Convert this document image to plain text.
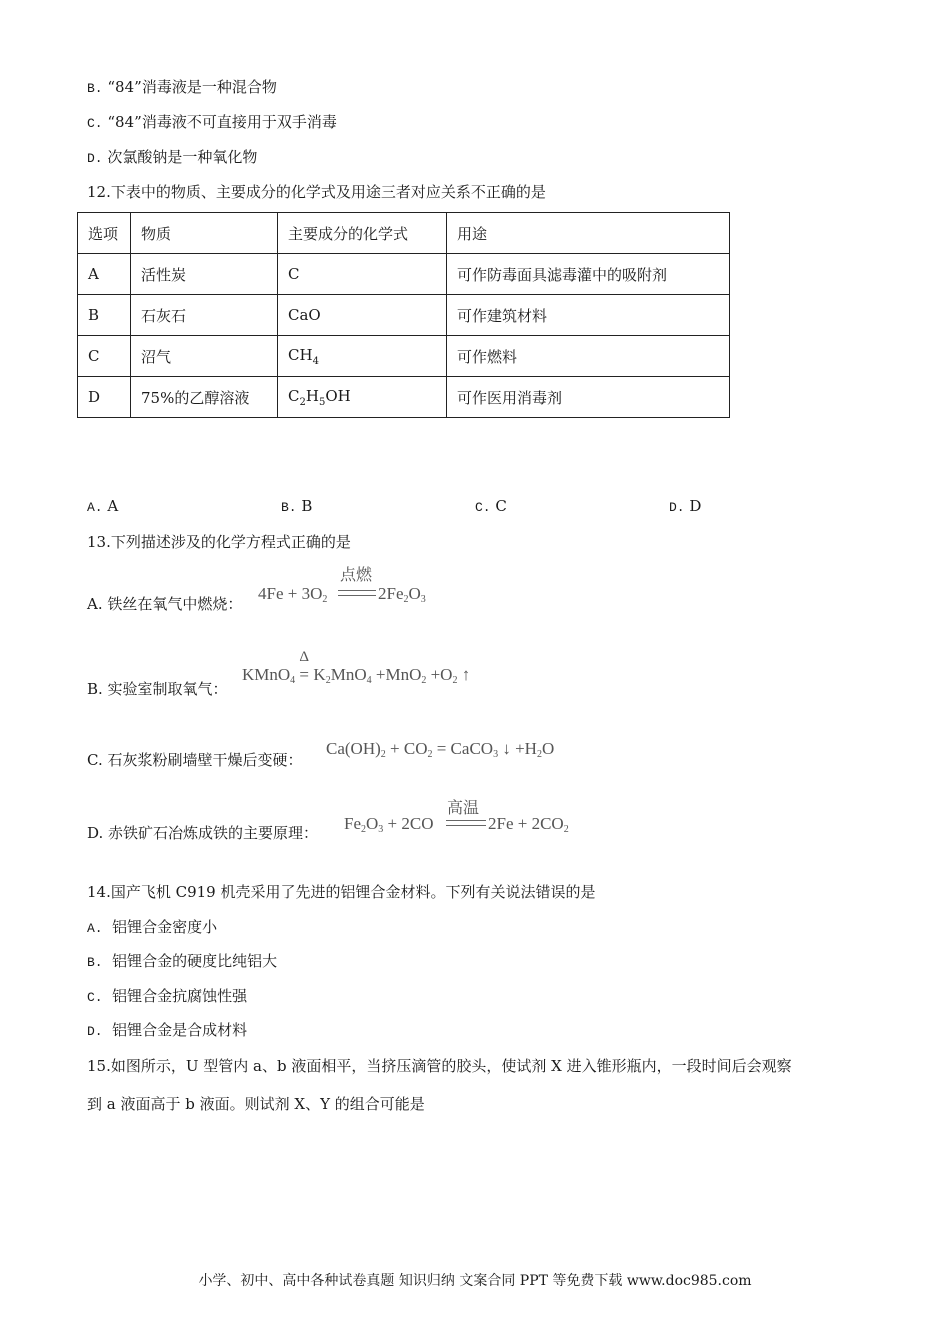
B. “84”消毒液是一种混合物
C. “84”消毒液不可直接用于双手消毒
D. 次氯酸钠是一种氧化物
12.下表中的物质、主要成分的化学式及用途三者对应关系不正确的是
选项	物质	主要成分的化学式	用途
A	活性炭	C	可作防毒面具滤毒灌中的吸附剂
B	石灰石	CaO	可作建筑材料
C	沼气	$CH_4$	可作燃料
D	75%的乙醇溶液	$C_2H_5OH$	可作医用消毒剂
A. A	B. B	C. C	D. D
13.下列描述涉及的化学方程式正确的是
A. 铁丝在氧气中燃烧：
点燃
$4Fe + 3O_2$	$2Fe_2O_3$
B. 实验室制取氧气：
KMnO$_4$
Δ
= $K_2MnO_4 +MnO_2 +O_2$ ↑
C. 石灰浆粉刷墙壁干燥后变硬：
$Ca(OH)_2 + CO_2$ = CaCO$_3$ ↓ $+H_2O$
D. 赤铁矿石冶炼成铁的主要原理：
高温
$Fe_2O_3 + 2CO$	$2Fe + 2CO_2$
14.国产飞机 C919 机壳采用了先进的铝锂合金材料。下列有关说法错误的是
A. 铝锂合金密度小
B. 铝锂合金的硬度比纯铝大
C. 铝锂合金抗腐蚀性强
D. 铝锂合金是合成材料
15.如图所示，U 型管内 a、b 液面相平，当挤压滴管的胶头，使试剂 X 进入锥形瓶内，一段时间后会观察
到 a 液面高于 b 液面。则试剂 X、Y 的组合可能是
小学、初中、高中各种试卷真题 知识归纳 文案合同 PPT 等免费下载 www.doc985.com
